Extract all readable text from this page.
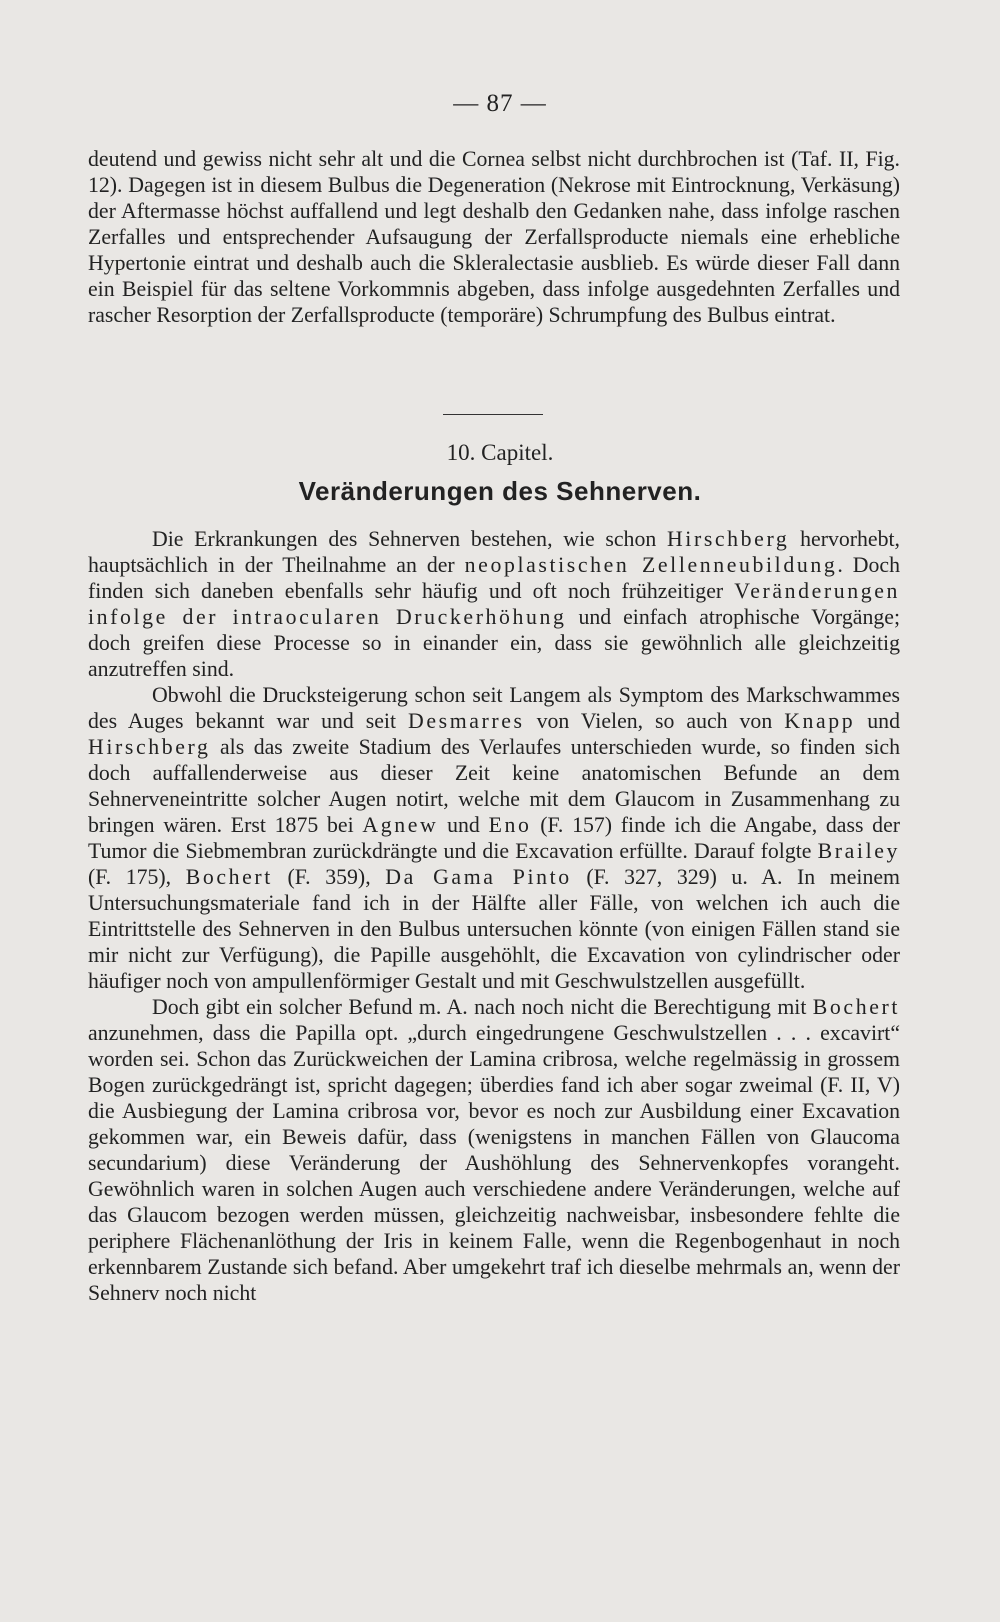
— 87 —

deutend und gewiss nicht sehr alt und die Cornea selbst nicht durchbrochen ist (Taf. II, Fig. 12). Dagegen ist in diesem Bulbus die Degeneration (Nekrose mit Eintrocknung, Verkäsung) der Aftermasse höchst auffallend und legt deshalb den Gedanken nahe, dass infolge raschen Zerfalles und entsprechender Aufsaugung der Zerfallsproducte niemals eine erhebliche Hypertonie eintrat und deshalb auch die Skleralectasie ausblieb. Es würde dieser Fall dann ein Beispiel für das seltene Vorkommnis abgeben, dass infolge ausgedehnten Zerfalles und rascher Resorption der Zerfallsproducte (temporäre) Schrumpfung des Bulbus eintrat.

10. Capitel.
Veränderungen des Sehnerven.

Die Erkrankungen des Sehnerven bestehen, wie schon Hirschberg hervorhebt, hauptsächlich in der Theilnahme an der neoplastischen Zellenneubildung. Doch finden sich daneben ebenfalls sehr häufig und oft noch frühzeitiger Veränderungen infolge der intraocularen Druckerhöhung und einfach atrophische Vorgänge; doch greifen diese Processe so in einander ein, dass sie gewöhnlich alle gleichzeitig anzutreffen sind.

Obwohl die Drucksteigerung schon seit Langem als Symptom des Markschwammes des Auges bekannt war und seit Desmarres von Vielen, so auch von Knapp und Hirschberg als das zweite Stadium des Verlaufes unterschieden wurde, so finden sich doch auffallenderweise aus dieser Zeit keine anatomischen Befunde an dem Sehnerveneintritte solcher Augen notirt, welche mit dem Glaucom in Zusammenhang zu bringen wären. Erst 1875 bei Agnew und Eno (F. 157) finde ich die Angabe, dass der Tumor die Siebmembran zurückdrängte und die Excavation erfüllte. Darauf folgte Brailey (F. 175), Bochert (F. 359), Da Gama Pinto (F. 327, 329) u. A. In meinem Untersuchungsmateriale fand ich in der Hälfte aller Fälle, von welchen ich auch die Eintrittstelle des Sehnerven in den Bulbus untersuchen könnte (von einigen Fällen stand sie mir nicht zur Verfügung), die Papille ausgehöhlt, die Excavation von cylindrischer oder häufiger noch von ampullenförmiger Gestalt und mit Geschwulstzellen ausgefüllt.

Doch gibt ein solcher Befund m. A. nach noch nicht die Berechtigung mit Bochert anzunehmen, dass die Papilla opt. „durch eingedrungene Geschwulstzellen . . . excavirt“ worden sei. Schon das Zurückweichen der Lamina cribrosa, welche regelmässig in grossem Bogen zurückgedrängt ist, spricht dagegen; überdies fand ich aber sogar zweimal (F. II, V) die Ausbiegung der Lamina cribrosa vor, bevor es noch zur Ausbildung einer Excavation gekommen war, ein Beweis dafür, dass (wenigstens in manchen Fällen von Glaucoma secundarium) diese Veränderung der Aushöhlung des Sehnervenkopfes vorangeht. Gewöhnlich waren in solchen Augen auch verschiedene andere Veränderungen, welche auf das Glaucom bezogen werden müssen, gleichzeitig nachweisbar, insbesondere fehlte die periphere Flächenanlöthung der Iris in keinem Falle, wenn die Regenbogenhaut in noch erkennbarem Zustande sich befand. Aber umgekehrt traf ich dieselbe mehrmals an, wenn der Sehnerv noch nicht
